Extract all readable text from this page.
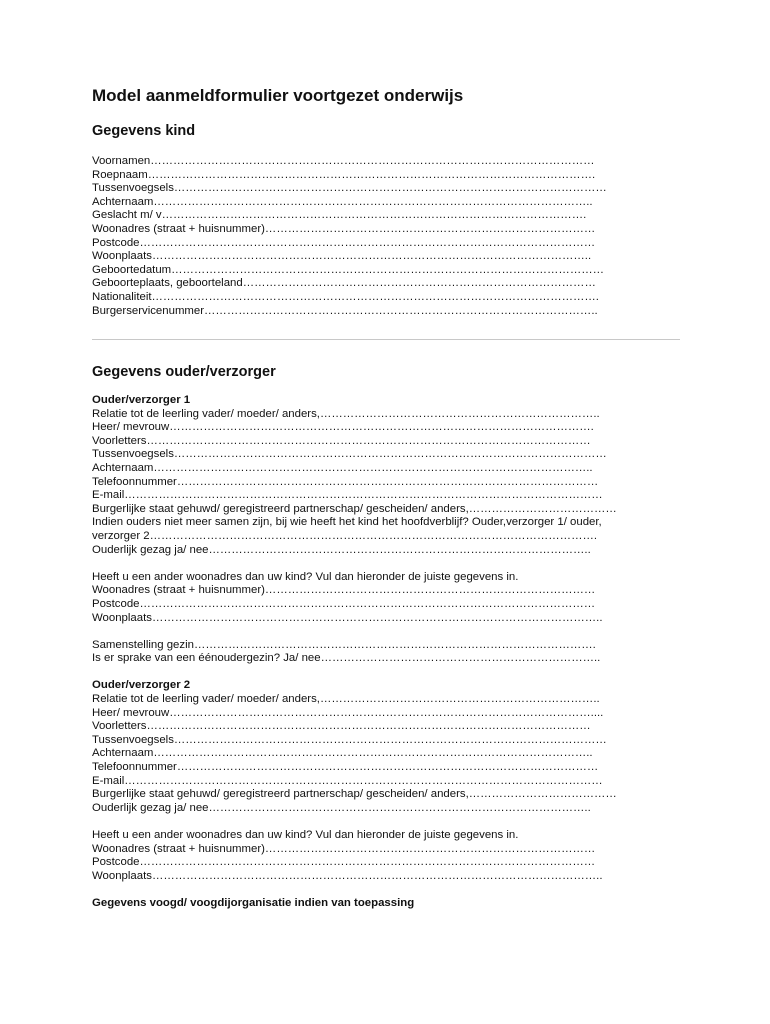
Model aanmeldformulier voortgezet onderwijs
Gegevens kind
Voornamen………………………………………………………………………………………………………
Roepnaam……………………………………………………………………………………………………….
Tussenvoegsels……………………………………………………………………………………………………
Achternaam……………………………………………………………………………………………………..
Geslacht m/ v………………………………………………………………………………………………….
Woonadres (straat + huisnummer)……………………………………………………………………………
Postcode…………………………………………………………………………………………………………
Woonplaats……………………………………………………………………………………………………..
Geboortedatum……………………………………………………………………………………………………
Geboorteplaats, geboorteland…………………………………………………………………………………
Nationaliteit……………………………………………………………………………………………………….
Burgerservicenummer…………………………………………………………………………………………..
Gegevens ouder/verzorger
Ouder/verzorger 1
Relatie tot de leerling vader/ moeder/ anders,………………………………………………………………..
Heer/ mevrouw………………………………………………………………………………………………….
Voorletters………………………………………………………………………………………………………
Tussenvoegsels……………………………………………………………………………………………………
Achternaam……………………………………………………………………………………………………..
Telefoonnummer…………………………………………………………………………………………………
E-mail………………………………………………………………………………………………………………
Burgerlijke staat gehuwd/ geregistreerd partnerschap/ gescheiden/ anders,…………………………………
Indien ouders niet meer samen zijn, bij wie heeft het kind het hoofdverblijf? Ouder,verzorger 1/ ouder,
verzorger 2……………………………………………………………………………………………………….
Ouderlijk gezag ja/ nee………………………………………………………………………………………..
Heeft u een ander woonadres dan uw kind? Vul dan hieronder de juiste gegevens in.
Woonadres (straat + huisnummer)……………………………………………………………………………
Postcode…………………………………………………………………………………………………………
Woonplaats………………………………………………………………………………………………………..
Samenstelling gezin…………………………………………………………………………………………….
Is er sprake van een éénoudergezin? Ja/ nee………………………………………………………………..
Ouder/verzorger 2
Relatie tot de leerling vader/ moeder/ anders,………………………………………………………………..
Heer/ mevrouw…………………………………………………………………………………………………....
Voorletters………………………………………………………………………………………………………
Tussenvoegsels……………………………………………………………………………………………………
Achternaam……………………………………………………………………………………………………..
Telefoonnummer…………………………………………………………………………………………………
E-mail………………………………………………………………………………………………………………
Burgerlijke staat gehuwd/ geregistreerd partnerschap/ gescheiden/ anders,…………………………………
Ouderlijk gezag ja/ nee………………………………………………………………………………………..
Heeft u een ander woonadres dan uw kind? Vul dan hieronder de juiste gegevens in.
Woonadres (straat + huisnummer)……………………………………………………………………………
Postcode…………………………………………………………………………………………………………
Woonplaats………………………………………………………………………………………………………..
Gegevens voogd/ voogdijorganisatie indien van toepassing
